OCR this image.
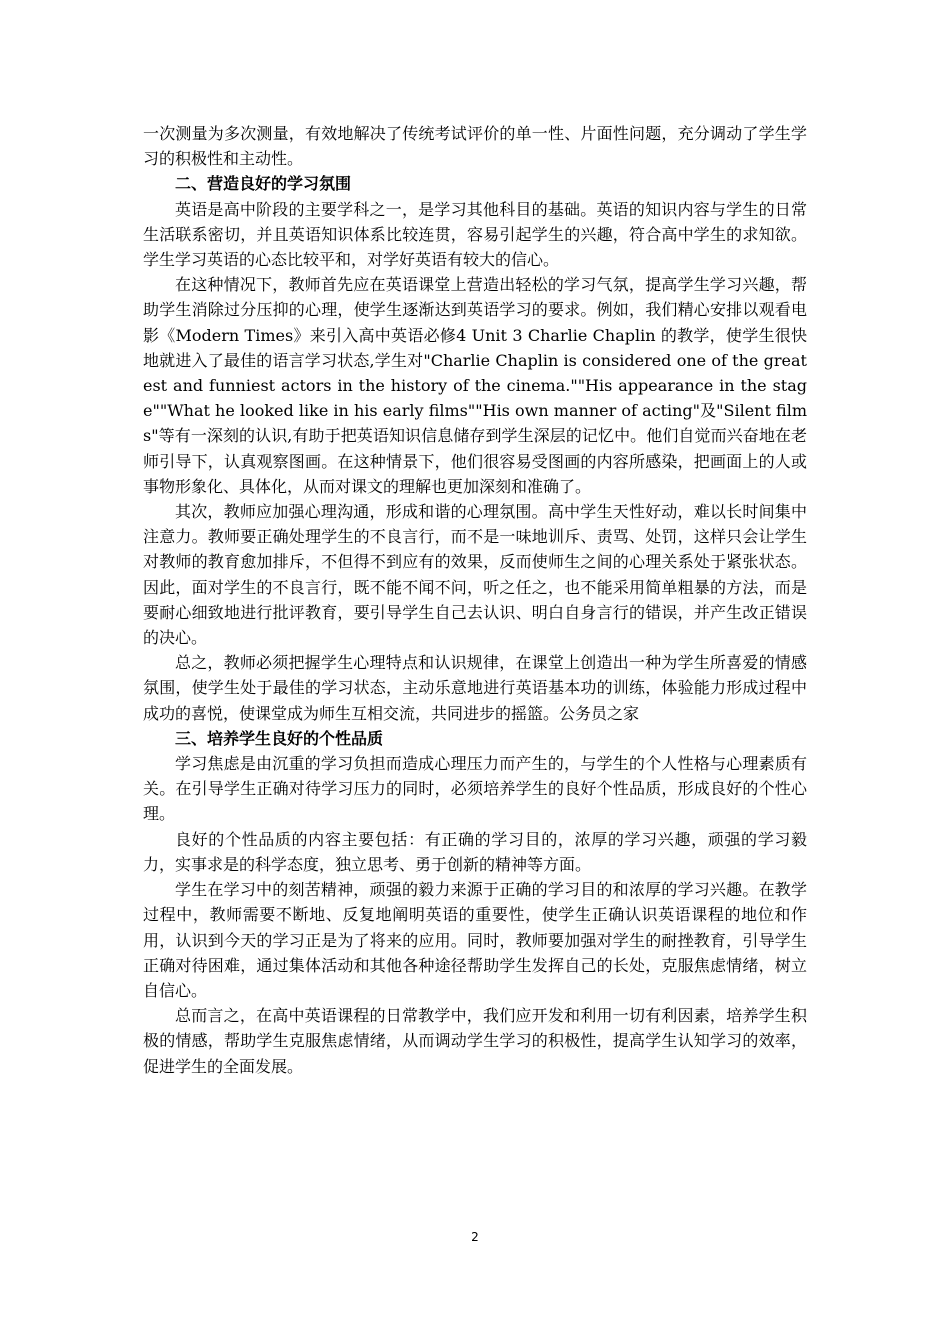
一次测量为多次测量，有效地解决了传统考试评价的单一性、片面性问题，充分调动了学生学习的积极性和主动性。

二、营造良好的学习氛围

英语是高中阶段的主要学科之一，是学习其他科目的基础。英语的知识内容与学生的日常生活联系密切，并且英语知识体系比较连贯，容易引起学生的兴趣，符合高中学生的求知欲。学生学习英语的心态比较平和，对学好英语有较大的信心。

在这种情况下，教师首先应在英语课堂上营造出轻松的学习气氛，提高学生学习兴趣，帮助学生消除过分压抑的心理，使学生逐渐达到英语学习的要求。例如，我们精心安排以观看电影《Modern Times》来引入高中英语必修4 Unit 3 Charlie Chaplin 的教学，使学生很快地就进入了最佳的语言学习状态,学生对"Charlie Chaplin is considered one of the greatest and funniest actors in the history of the cinema.""His appearance in the stage""What he looked like in his early films""His own manner of acting"及"Silent films"等有一深刻的认识,有助于把英语知识信息储存到学生深层的记忆中。他们自觉而兴奋地在老师引导下，认真观察图画。在这种情景下，他们很容易受图画的内容所感染，把画面上的人或事物形象化、具体化，从而对课文的理解也更加深刻和准确了。

其次，教师应加强心理沟通，形成和谐的心理氛围。高中学生天性好动，难以长时间集中注意力。教师要正确处理学生的不良言行，而不是一味地训斥、责骂、处罚，这样只会让学生对教师的教育愈加排斥，不但得不到应有的效果，反而使师生之间的心理关系处于紧张状态。因此，面对学生的不良言行，既不能不闻不问，听之任之，也不能采用简单粗暴的方法，而是要耐心细致地进行批评教育，要引导学生自己去认识、明白自身言行的错误，并产生改正错误的决心。

总之，教师必须把握学生心理特点和认识规律，在课堂上创造出一种为学生所喜爱的情感氛围，使学生处于最佳的学习状态，主动乐意地进行英语基本功的训练，体验能力形成过程中成功的喜悦，使课堂成为师生互相交流，共同进步的摇篮。公务员之家

三、培养学生良好的个性品质

学习焦虑是由沉重的学习负担而造成心理压力而产生的，与学生的个人性格与心理素质有关。在引导学生正确对待学习压力的同时，必须培养学生的良好个性品质，形成良好的个性心理。

良好的个性品质的内容主要包括：有正确的学习目的，浓厚的学习兴趣，顽强的学习毅力，实事求是的科学态度，独立思考、勇于创新的精神等方面。

学生在学习中的刻苦精神，顽强的毅力来源于正确的学习目的和浓厚的学习兴趣。在教学过程中，教师需要不断地、反复地阐明英语的重要性，使学生正确认识英语课程的地位和作用，认识到今天的学习正是为了将来的应用。同时，教师要加强对学生的耐挫教育，引导学生正确对待困难，通过集体活动和其他各种途径帮助学生发挥自己的长处，克服焦虑情绪，树立自信心。

总而言之，在高中英语课程的日常教学中，我们应开发和利用一切有利因素，培养学生积极的情感，帮助学生克服焦虑情绪，从而调动学生学习的积极性，提高学生认知学习的效率，促进学生的全面发展。

2
